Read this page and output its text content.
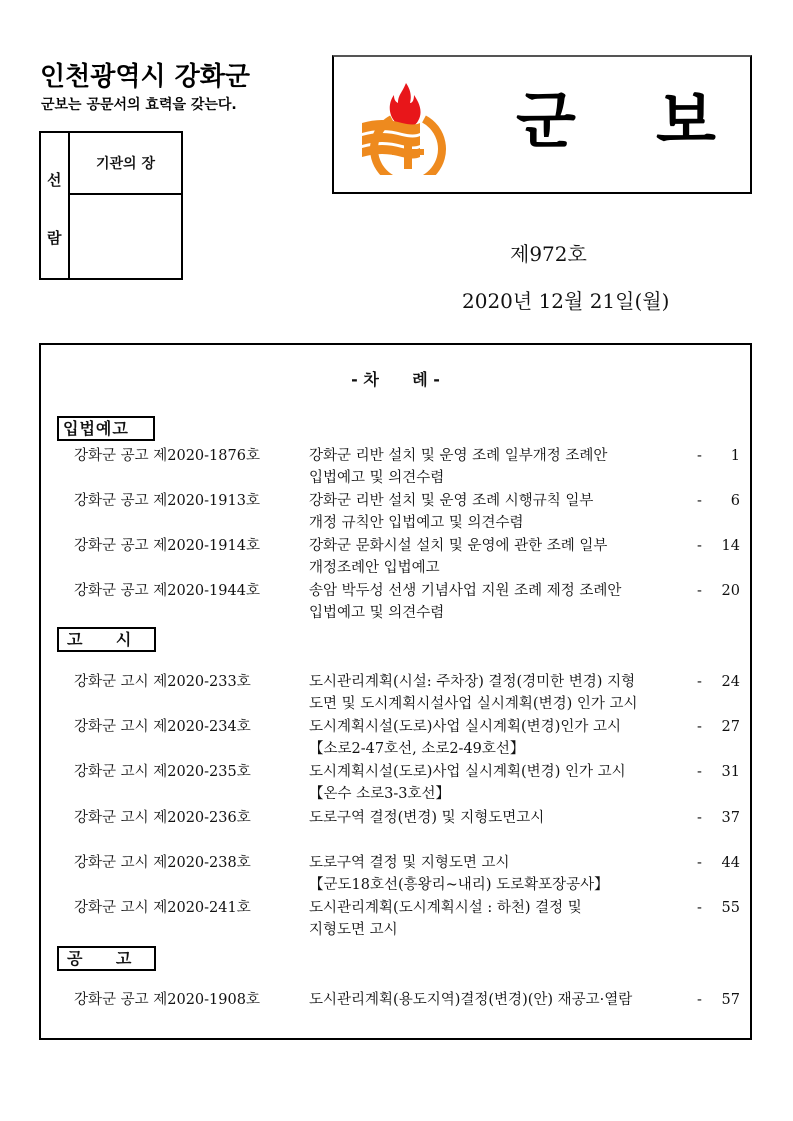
인천광역시 강화군
군보는 공문서의 효력을 갖는다.
선
람
기관의 장
군 보
제972호
2020년 12월 21일(월)
- 차      례 -
입법예고
강화군 공고 제2020-1876호	강화군 리반 설치 및 운영 조례 일부개정 조례안	- 1
입법예고 및 의견수렴
강화군 공고 제2020-1913호	강화군 리반 설치 및 운영 조례 시행규칙 일부	- 6
개정 규칙안 입법예고 및 의견수렴
강화군 공고 제2020-1914호	강화군 문화시설 설치 및 운영에 관한 조례 일부	- 14
개정조례안 입법예고
강화군 공고 제2020-1944호	송암 박두성 선생 기념사업 지원 조례 제정 조례안	- 20
입법예고 및 의견수렴
고      시
강화군 고시 제2020-233호	도시관리계획(시설: 주차장) 결정(경미한 변경) 지형	- 24
도면 및 도시계획시설사업 실시계획(변경) 인가 고시
강화군 고시 제2020-234호	도시계획시설(도로)사업 실시계획(변경)인가 고시	- 27
【소로2-47호선, 소로2-49호선】
강화군 고시 제2020-235호	도시계획시설(도로)사업 실시계획(변경) 인가 고시	- 31
【온수 소로3-3호선】
강화군 고시 제2020-236호	도로구역 결정(변경) 및 지형도면고시	- 37
강화군 고시 제2020-238호	도로구역 결정 및 지형도면 고시	- 44
【군도18호선(흥왕리~내리) 도로확포장공사】
강화군 고시 제2020-241호	도시관리계획(도시계획시설 : 하천) 결정 및	- 55
지형도면 고시
공      고
강화군 공고 제2020-1908호	도시관리계획(용도지역)결정(변경)(안) 재공고·열람	- 57
